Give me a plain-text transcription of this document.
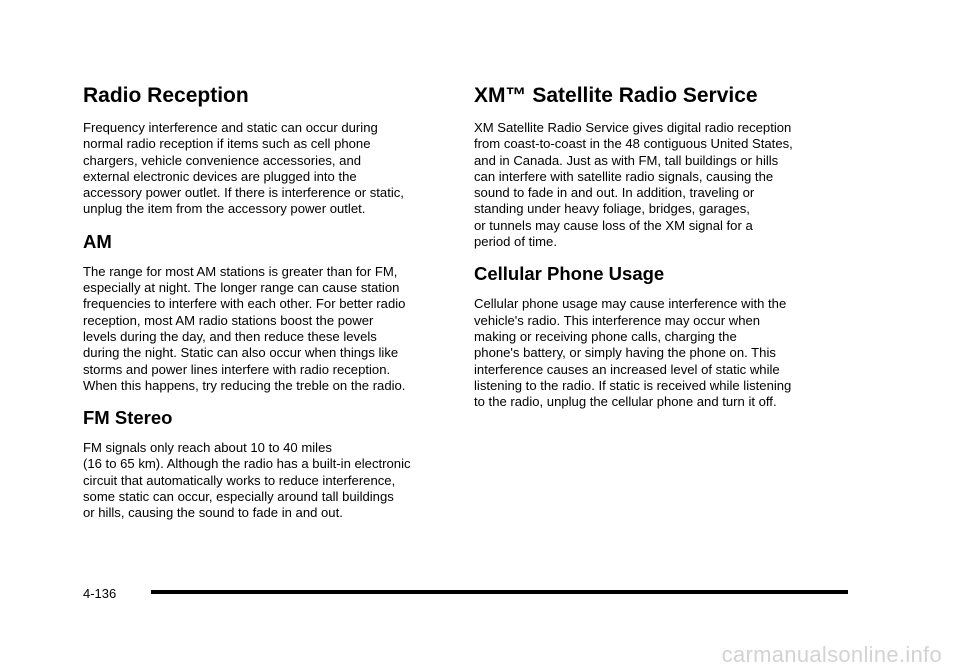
Radio Reception

Frequency interference and static can occur during
normal radio reception if items such as cell phone
chargers, vehicle convenience accessories, and
external electronic devices are plugged into the
accessory power outlet. If there is interference or static,
unplug the item from the accessory power outlet.

AM

The range for most AM stations is greater than for FM,
especially at night. The longer range can cause station
frequencies to interfere with each other. For better radio
reception, most AM radio stations boost the power
levels during the day, and then reduce these levels
during the night. Static can also occur when things like
storms and power lines interfere with radio reception.
When this happens, try reducing the treble on the radio.

FM Stereo

FM signals only reach about 10 to 40 miles
(16 to 65 km). Although the radio has a built-in electronic
circuit that automatically works to reduce interference,
some static can occur, especially around tall buildings
or hills, causing the sound to fade in and out.

XM™ Satellite Radio Service

XM Satellite Radio Service gives digital radio reception
from coast-to-coast in the 48 contiguous United States,
and in Canada. Just as with FM, tall buildings or hills
can interfere with satellite radio signals, causing the
sound to fade in and out. In addition, traveling or
standing under heavy foliage, bridges, garages,
or tunnels may cause loss of the XM signal for a
period of time.

Cellular Phone Usage

Cellular phone usage may cause interference with the
vehicle's radio. This interference may occur when
making or receiving phone calls, charging the
phone's battery, or simply having the phone on. This
interference causes an increased level of static while
listening to the radio. If static is received while listening
to the radio, unplug the cellular phone and turn it off.

4-136
carmanualsonline.info
